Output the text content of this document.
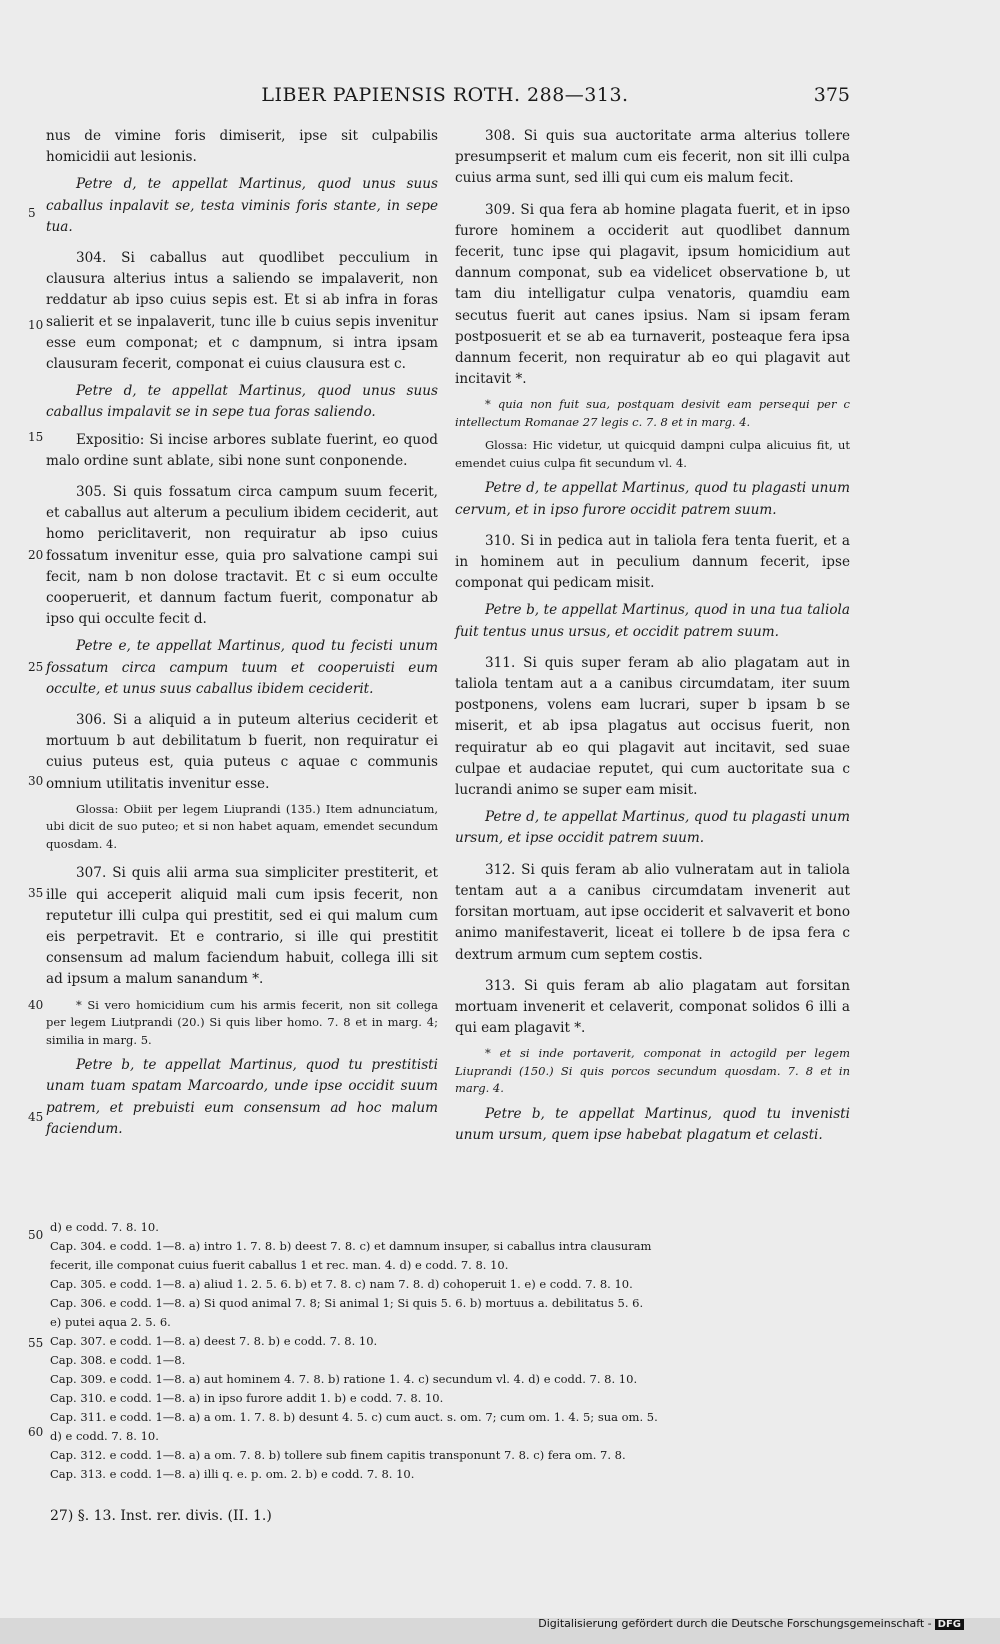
LIBER PAPIENSIS ROTH. 288—313.	375
5
10
15
20
25
30
35
40
45
50
55
60

nus de vimine foris dimiserit, ipse sit culpabilis homicidii aut lesionis.

Petre d, te appellat Martinus, quod unus suus caballus inpalavit se, testa viminis foris stante, in sepe tua.

304. Si caballus aut quodlibet pecculium in clausura alterius intus a saliendo se impalaverit, non reddatur ab ipso cuius sepis est. Et si ab infra in foras salierit et se inpalaverit, tunc ille b cuius sepis invenitur esse eum componat; et c dampnum, si intra ipsam clausuram fecerit, componat ei cuius clausura est c.

Petre d, te appellat Martinus, quod unus suus caballus impalavit se in sepe tua foras saliendo.

Expositio: Si incise arbores sublate fuerint, eo quod malo ordine sunt ablate, sibi none sunt conponende.

305. Si quis fossatum circa campum suum fecerit, et caballus aut alterum a peculium ibidem ceciderit, aut homo periclitaverit, non requiratur ab ipso cuius fossatum invenitur esse, quia pro salvatione campi sui fecit, nam b non dolose tractavit. Et c si eum occulte cooperuerit, et dannum factum fuerit, componatur ab ipso qui occulte fecit d.

Petre e, te appellat Martinus, quod tu fecisti unum fossatum circa campum tuum et cooperuisti eum occulte, et unus suus caballus ibidem ceciderit.

306. Si a aliquid a in puteum alterius ceciderit et mortuum b aut debilitatum b fuerit, non requiratur ei cuius puteus est, quia puteus c aquae c communis omnium utilitatis invenitur esse.

Glossa: Obiit per legem Liuprandi (135.) Item adnunciatum, ubi dicit de suo puteo; et si non habet aquam, emendet secundum quosdam. 4.

307. Si quis alii arma sua simpliciter prestiterit, et ille qui acceperit aliquid mali cum ipsis fecerit, non reputetur illi culpa qui prestitit, sed ei qui malum cum eis perpetravit. Et e contrario, si ille qui prestitit consensum ad malum faciendum habuit, collega illi sit ad ipsum a malum sanandum *.

* Si vero homicidium cum his armis fecerit, non sit collega per legem Liutprandi (20.) Si quis liber homo. 7. 8 et in marg. 4; similia in marg. 5.

Petre b, te appellat Martinus, quod tu prestitisti unam tuam spatam Marcoardo, unde ipse occidit suum patrem, et prebuisti eum consensum ad hoc malum faciendum.

308. Si quis sua auctoritate arma alterius tollere presumpserit et malum cum eis fecerit, non sit illi culpa cuius arma sunt, sed illi qui cum eis malum fecit.

309. Si qua fera ab homine plagata fuerit, et in ipso furore hominem a occiderit aut quodlibet dannum fecerit, tunc ipse qui plagavit, ipsum homicidium aut dannum componat, sub ea videlicet observatione b, ut tam diu intelligatur culpa venatoris, quamdiu eam secutus fuerit aut canes ipsius. Nam si ipsam feram postposuerit et se ab ea turnaverit, posteaque fera ipsa dannum fecerit, non requiratur ab eo qui plagavit aut incitavit *.

* quia non fuit sua, postquam desivit eam persequi per c intellectum Romanae 27 legis c. 7. 8 et in marg. 4.

Glossa: Hic videtur, ut quicquid dampni culpa alicuius fit, ut emendet cuius culpa fit secundum vl. 4.

Petre d, te appellat Martinus, quod tu plagasti unum cervum, et in ipso furore occidit patrem suum.

310. Si in pedica aut in taliola fera tenta fuerit, et a in hominem aut in peculium dannum fecerit, ipse componat qui pedicam misit.

Petre b, te appellat Martinus, quod in una tua taliola fuit tentus unus ursus, et occidit patrem suum.

311. Si quis super feram ab alio plagatam aut in taliola tentam aut a a canibus circumdatam, iter suum postponens, volens eam lucrari, super b ipsam b se miserit, et ab ipsa plagatus aut occisus fuerit, non requiratur ab eo qui plagavit aut incitavit, sed suae culpae et audaciae reputet, qui cum auctoritate sua c lucrandi animo se super eam misit.

Petre d, te appellat Martinus, quod tu plagasti unum ursum, et ipse occidit patrem suum.

312. Si quis feram ab alio vulneratam aut in taliola tentam aut a a canibus circumdatam invenerit aut forsitan mortuam, aut ipse occiderit et salvaverit et bono animo manifestaverit, liceat ei tollere b de ipsa fera c dextrum armum cum septem costis.

313. Si quis feram ab alio plagatam aut forsitan mortuam invenerit et celaverit, componat solidos 6 illi a qui eam plagavit *.

* et si inde portaverit, componat in actogild per legem Liuprandi (150.) Si quis porcos secundum quosdam. 7. 8 et in marg. 4.

Petre b, te appellat Martinus, quod tu invenisti unum ursum, quem ipse habebat plagatum et celasti.

d) e codd. 7. 8. 10.

Cap. 304. e codd. 1—8. a) intro 1. 7. 8. b) deest 7. 8. c) et damnum insuper, si caballus intra clausuram

fecerit, ille componat cuius fuerit caballus 1 et rec. man. 4. d) e codd. 7. 8. 10.

Cap. 305. e codd. 1—8. a) aliud 1. 2. 5. 6. b) et 7. 8. c) nam 7. 8. d) cohoperuit 1. e) e codd. 7. 8. 10.

Cap. 306. e codd. 1—8. a) Si quod animal 7. 8; Si animal 1; Si quis 5. 6. b) mortuus a. debilitatus 5. 6.

e) putei aqua 2. 5. 6.

Cap. 307. e codd. 1—8. a) deest 7. 8. b) e codd. 7. 8. 10.

Cap. 308. e codd. 1—8.

Cap. 309. e codd. 1—8. a) aut hominem 4. 7. 8. b) ratione 1. 4. c) secundum vl. 4. d) e codd. 7. 8. 10.

Cap. 310. e codd. 1—8. a) in ipso furore addit 1. b) e codd. 7. 8. 10.

Cap. 311. e codd. 1—8. a) a om. 1. 7. 8. b) desunt 4. 5. c) cum auct. s. om. 7; cum om. 1. 4. 5; sua om. 5.

d) e codd. 7. 8. 10.

Cap. 312. e codd. 1—8. a) a om. 7. 8. b) tollere sub finem capitis transponunt 7. 8. c) fera om. 7. 8.

Cap. 313. e codd. 1—8. a) illi q. e. p. om. 2. b) e codd. 7. 8. 10.

27) §. 13. Inst. rer. divis. (II. 1.)
Digitalisierung gefördert durch die Deutsche Forschungsgemeinschaft - DFG
